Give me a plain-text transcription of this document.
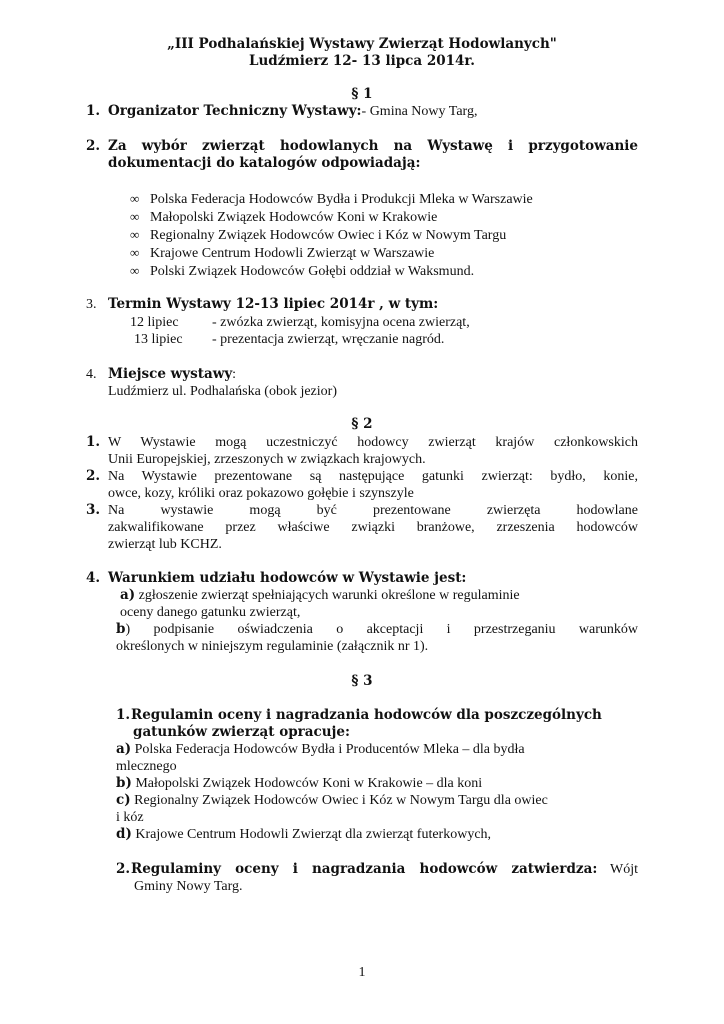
„III Podhalańskiej Wystawy Zwierząt Hodowlanych"
Ludźmierz 12- 13 lipca 2014r.
§ 1
1. Organizator Techniczny Wystawy:- Gmina Nowy Targ,
2. Za wybór zwierząt hodowlanych na Wystawę i przygotowanie
dokumentacji do katalogów odpowiadają:
∞ Polska Federacja Hodowców Bydła i Produkcji Mleka w Warszawie
∞ Małopolski Związek Hodowców Koni w Krakowie
∞ Regionalny Związek Hodowców Owiec i Kóz w Nowym Targu
∞ Krajowe Centrum Hodowli Zwierząt w Warszawie
∞ Polski Związek Hodowców Gołębi oddział w Waksmund.
3. Termin Wystawy 12-13 lipiec 2014r , w tym:
12 lipiec - zwózka zwierząt, komisyjna ocena zwierząt,
13 lipiec - prezentacja zwierząt, wręczanie nagród.
4. Miejsce wystawy:
Ludźmierz ul. Podhalańska (obok jezior)
§ 2
1. W Wystawie mogą uczestniczyć hodowcy zwierząt krajów członkowskich
Unii Europejskiej, zrzeszonych w związkach krajowych.
2. Na Wystawie prezentowane są następujące gatunki zwierząt: bydło, konie,
owce, kozy, króliki oraz pokazowo gołębie i szynszyle
3. Na wystawie mogą być prezentowane zwierzęta hodowlane
zakwalifikowane przez właściwe związki branżowe, zrzeszenia hodowców
zwierząt lub KCHZ.
4. Warunkiem udziału hodowców w Wystawie jest:
a) zgłoszenie zwierząt spełniających warunki określone w regulaminie
oceny danego gatunku zwierząt,
b) podpisanie oświadczenia o akceptacji i przestrzeganiu warunków
określonych w niniejszym regulaminie (załącznik nr 1).
§ 3
1. Regulamin oceny i nagradzania hodowców dla poszczególnych
gatunków zwierząt opracuje:
a) Polska Federacja Hodowców Bydła i Producentów Mleka – dla bydła
mlecznego
b) Małopolski Związek Hodowców Koni w Krakowie – dla koni
c) Regionalny Związek Hodowców Owiec i Kóz w Nowym Targu dla owiec
i kóz
d) Krajowe Centrum Hodowli Zwierząt dla zwierząt futerkowych,
2. Regulaminy oceny i nagradzania hodowców zatwierdza: Wójt
Gminy Nowy Targ.
1
